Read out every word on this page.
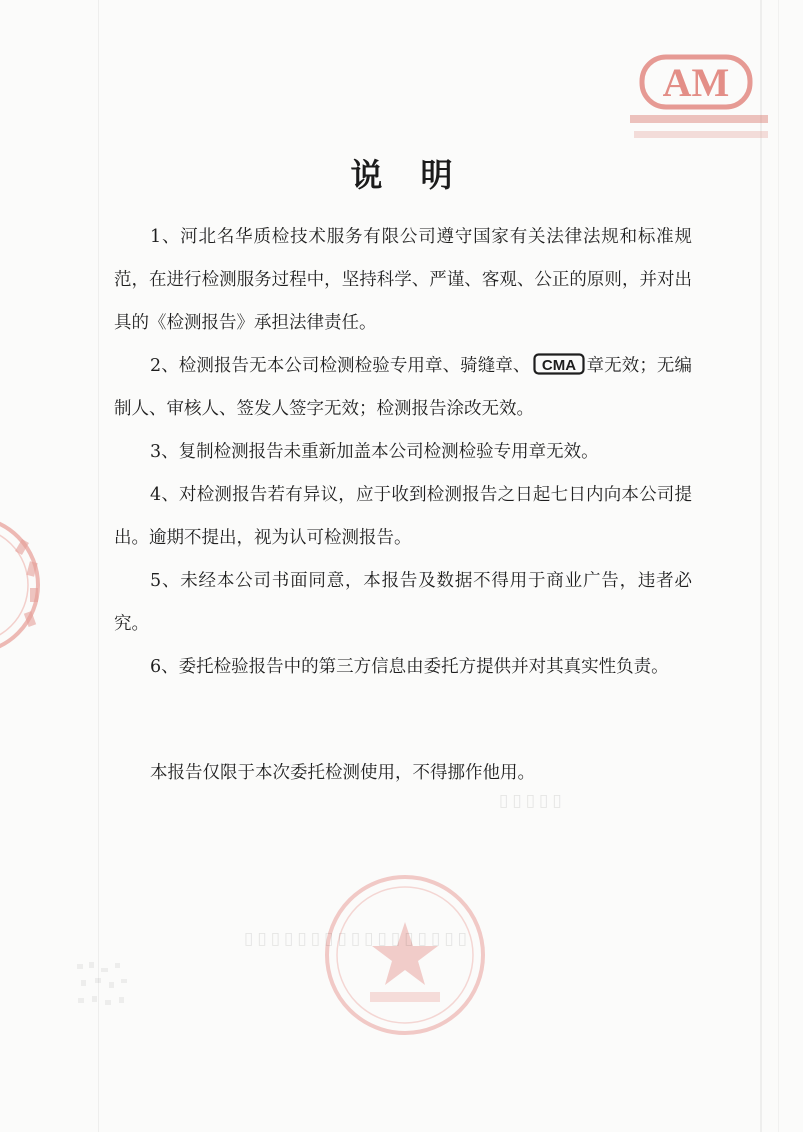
AM
▯▯▯▯▯
▯▯▯▯▯▯▯▯▯▯▯▯▯▯▯▯▯
说明
1、河北名华质检技术服务有限公司遵守国家有关法律法规和标准规范，在进行检测服务过程中，坚持科学、严谨、客观、公正的原则，并对出具的《检测报告》承担法律责任。
2、检测报告无本公司检测检验专用章、骑缝章、 CMA 章无效；无编制人、审核人、签发人签字无效；检测报告涂改无效。
3、复制检测报告未重新加盖本公司检测检验专用章无效。
4、对检测报告若有异议，应于收到检测报告之日起七日内向本公司提出。逾期不提出，视为认可检测报告。
5、未经本公司书面同意，本报告及数据不得用于商业广告，违者必究。
6、委托检验报告中的第三方信息由委托方提供并对其真实性负责。
本报告仅限于本次委托检测使用，不得挪作他用。
